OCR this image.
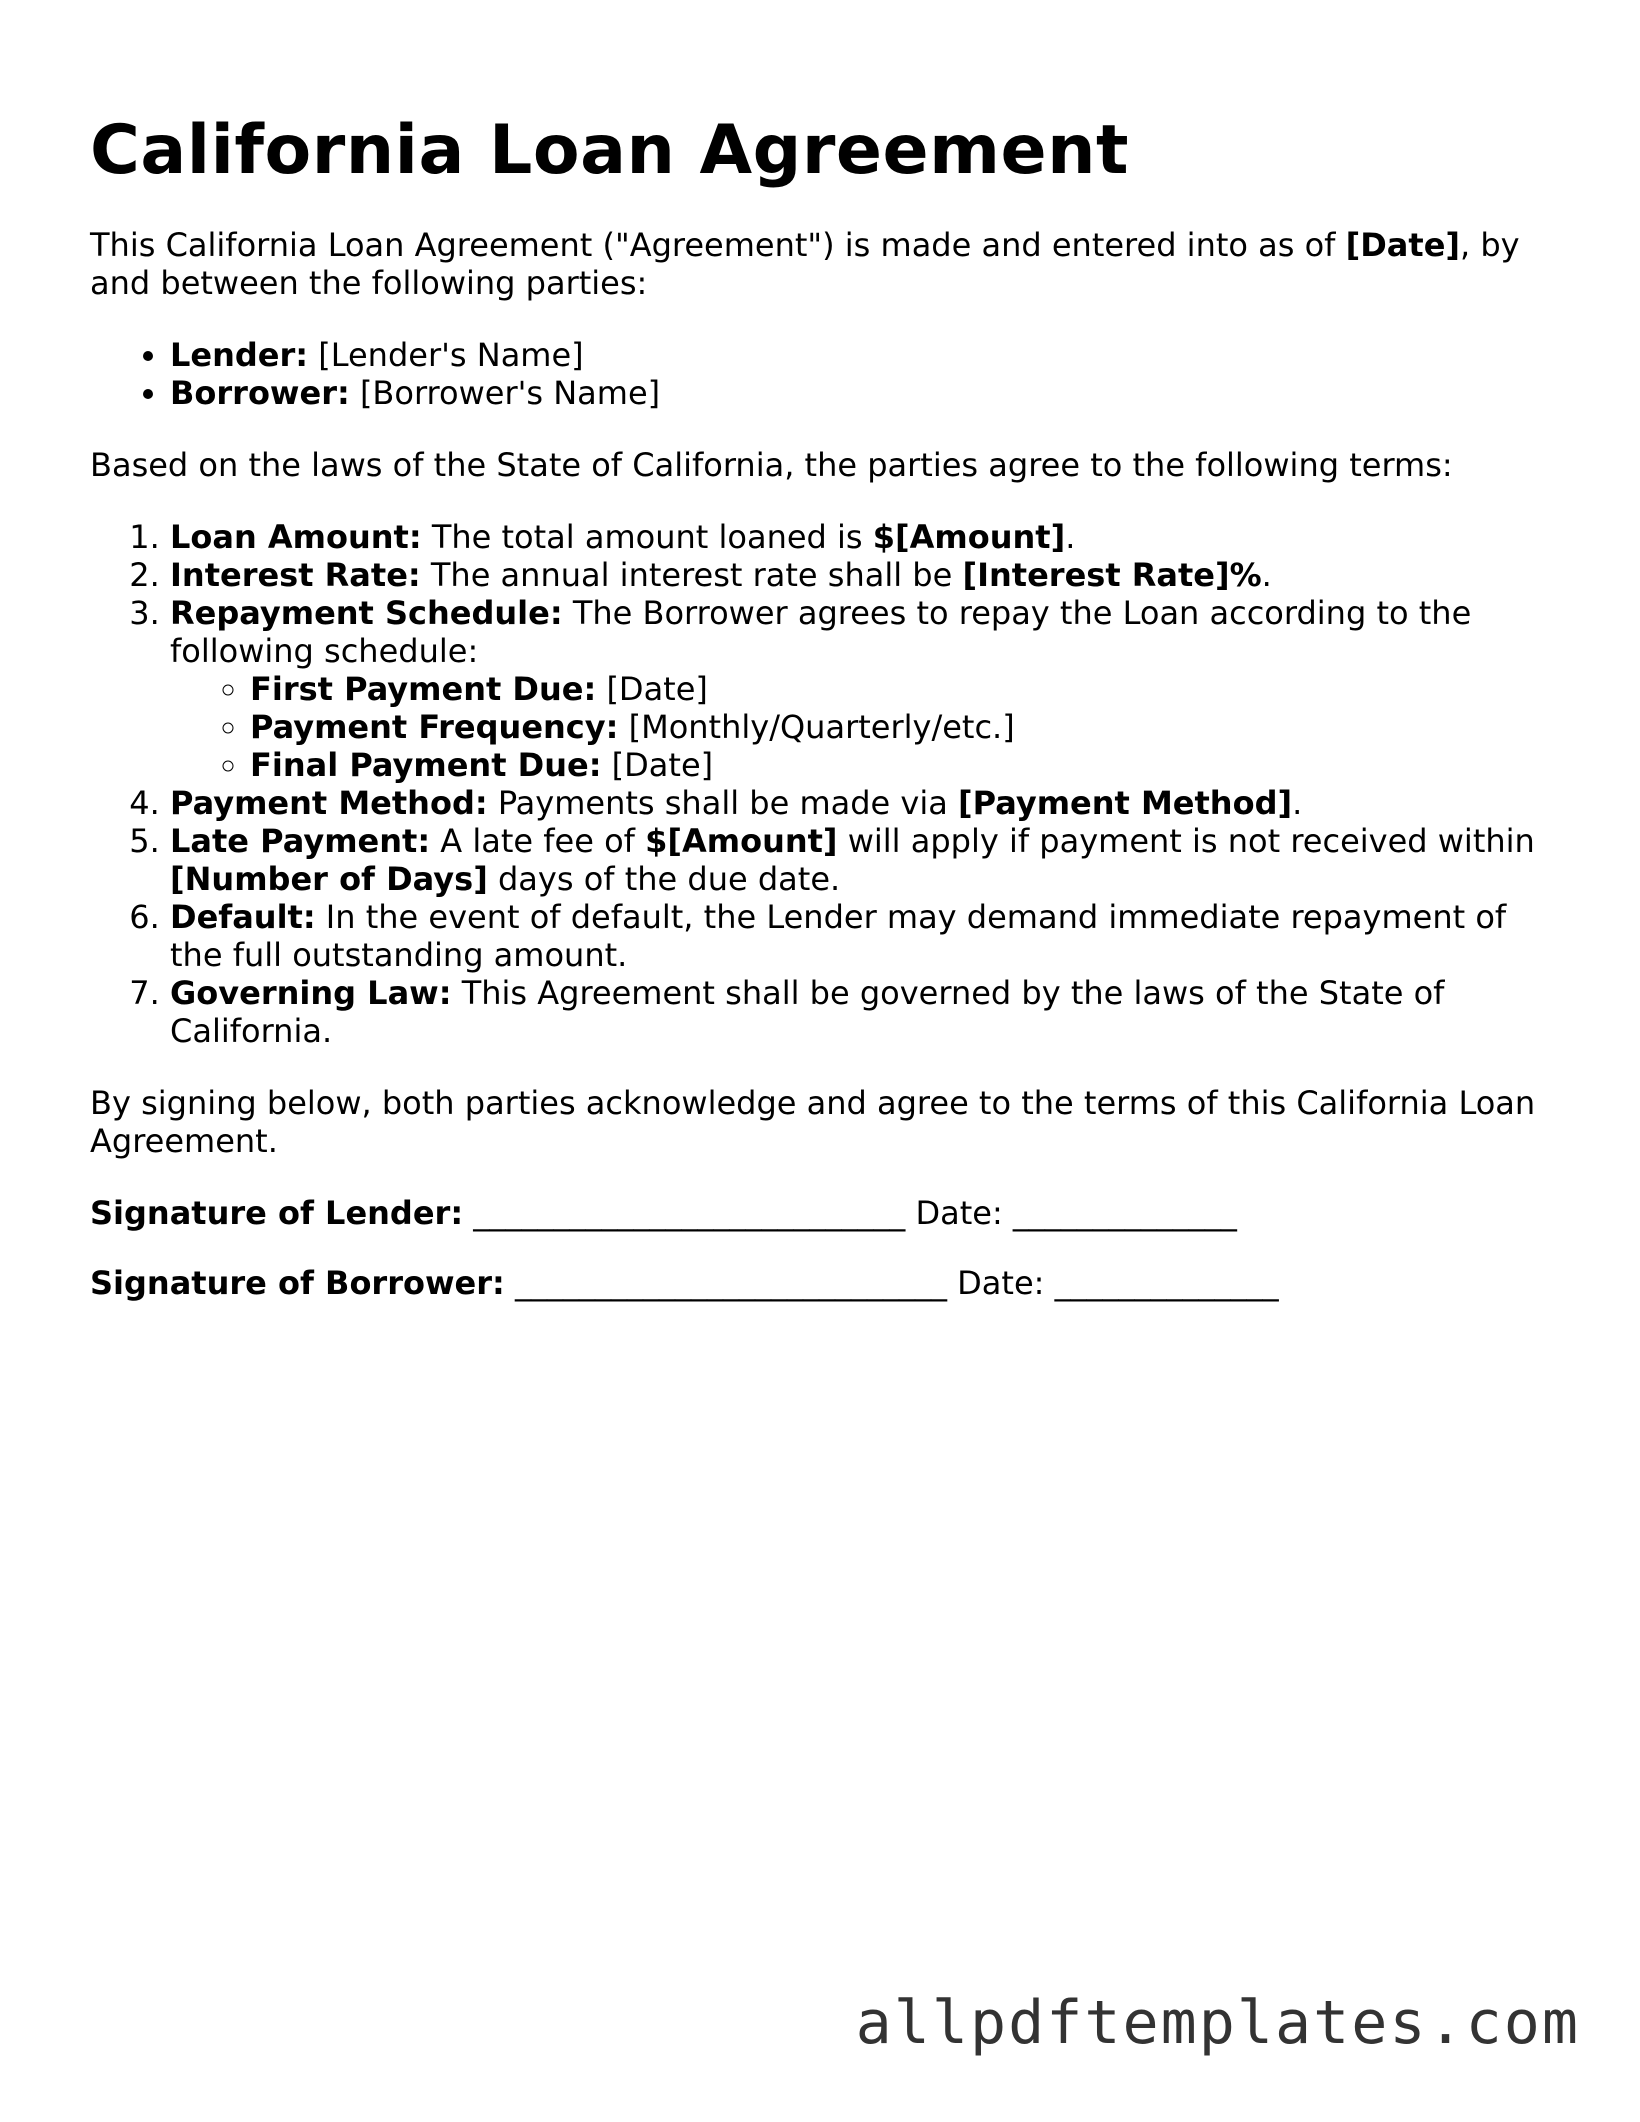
California Loan Agreement

This California Loan Agreement ("Agreement") is made and entered into as of [Date], by and between the following parties:

• Lender: [Lender's Name]
• Borrower: [Borrower's Name]

Based on the laws of the State of California, the parties agree to the following terms:

1. Loan Amount: The total amount loaned is $[Amount].
2. Interest Rate: The annual interest rate shall be [Interest Rate]%.
3. Repayment Schedule: The Borrower agrees to repay the Loan according to the following schedule:
◦ First Payment Due: [Date]
◦ Payment Frequency: [Monthly/Quarterly/etc.]
◦ Final Payment Due: [Date]
4. Payment Method: Payments shall be made via [Payment Method].
5. Late Payment: A late fee of $[Amount] will apply if payment is not received within [Number of Days] days of the due date.
6. Default: In the event of default, the Lender may demand immediate repayment of the full outstanding amount.
7. Governing Law: This Agreement shall be governed by the laws of the State of California.

By signing below, both parties acknowledge and agree to the terms of this California Loan Agreement.

Signature of Lender: ___________________________ Date: ______________

Signature of Borrower: ___________________________ Date: ______________

allpdftemplates.com
